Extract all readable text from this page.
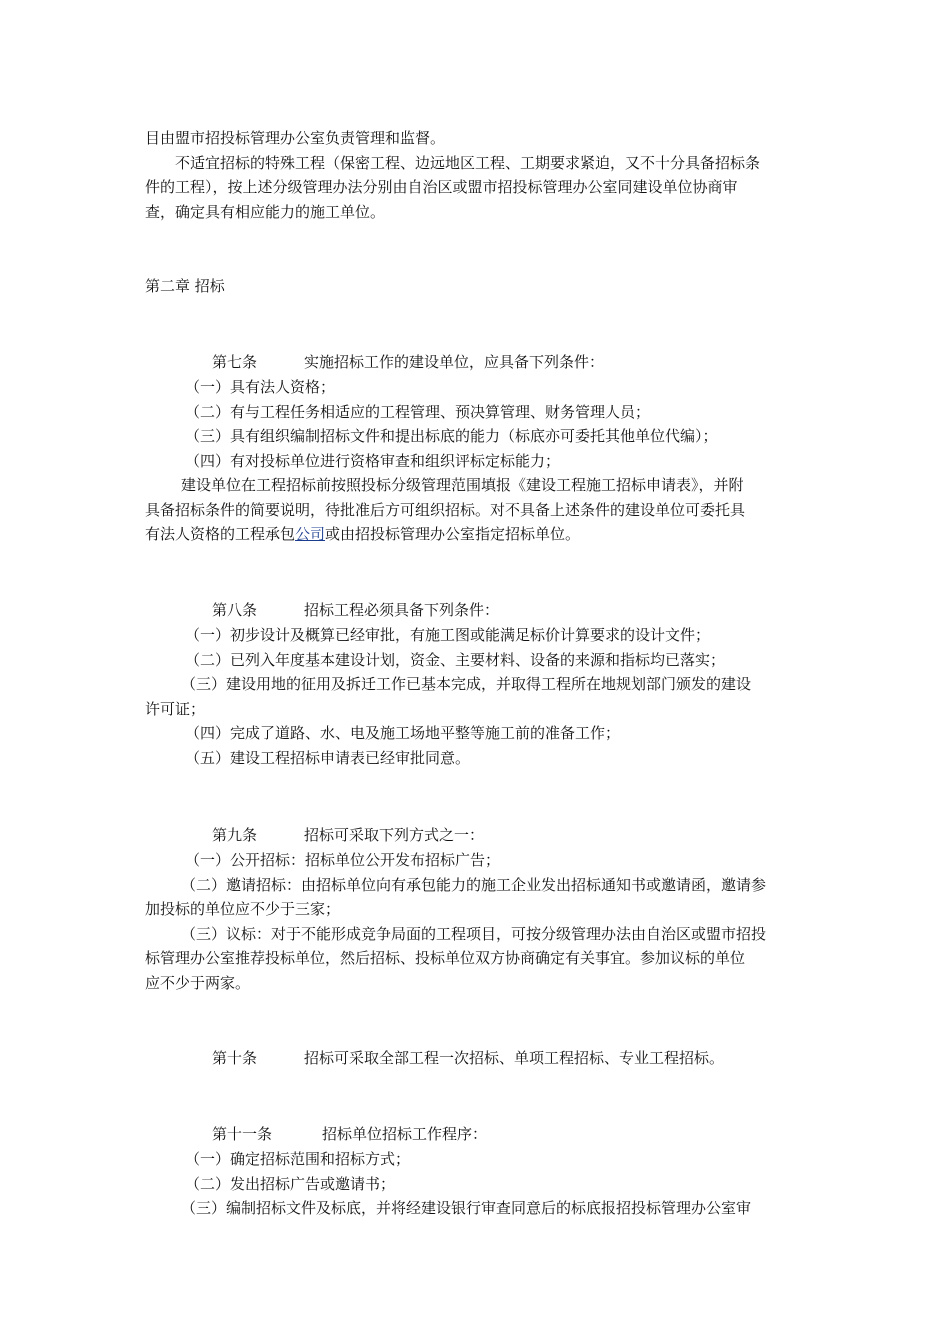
目由盟市招投标管理办公室负责管理和监督。
不适宜招标的特殊工程（保密工程、边远地区工程、工期要求紧迫，又不十分具备招标条
件的工程），按上述分级管理办法分别由自治区或盟市招投标管理办公室同建设单位协商审
查，确定具有相应能力的施工单位。
第二章 招标
第七条	实施招标工作的建设单位，应具备下列条件：
（一）具有法人资格；
（二）有与工程任务相适应的工程管理、预决算管理、财务管理人员；
（三）具有组织编制招标文件和提出标底的能力（标底亦可委托其他单位代编）；
（四）有对投标单位进行资格审查和组织评标定标能力；
建设单位在工程招标前按照投标分级管理范围填报《建设工程施工招标申请表》，并附
具备招标条件的简要说明，待批准后方可组织招标。对不具备上述条件的建设单位可委托具
有法人资格的工程承包公司或由招投标管理办公室指定招标单位。
第八条	招标工程必须具备下列条件：
（一）初步设计及概算已经审批，有施工图或能满足标价计算要求的设计文件；
（二）已列入年度基本建设计划，资金、主要材料、设备的来源和指标均已落实；
（三）建设用地的征用及拆迁工作已基本完成，并取得工程所在地规划部门颁发的建设
许可证；
（四）完成了道路、水、电及施工场地平整等施工前的准备工作；
（五）建设工程招标申请表已经审批同意。
第九条	招标可采取下列方式之一：
（一）公开招标：招标单位公开发布招标广告；
（二）邀请招标：由招标单位向有承包能力的施工企业发出招标通知书或邀请函，邀请参
加投标的单位应不少于三家；
（三）议标：对于不能形成竞争局面的工程项目，可按分级管理办法由自治区或盟市招投
标管理办公室推荐投标单位，然后招标、投标单位双方协商确定有关事宜。参加议标的单位
应不少于两家。
第十条	招标可采取全部工程一次招标、单项工程招标、专业工程招标。
第十一条	招标单位招标工作程序：
（一）确定招标范围和招标方式；
（二）发出招标广告或邀请书；
（三）编制招标文件及标底，并将经建设银行审查同意后的标底报招投标管理办公室审
